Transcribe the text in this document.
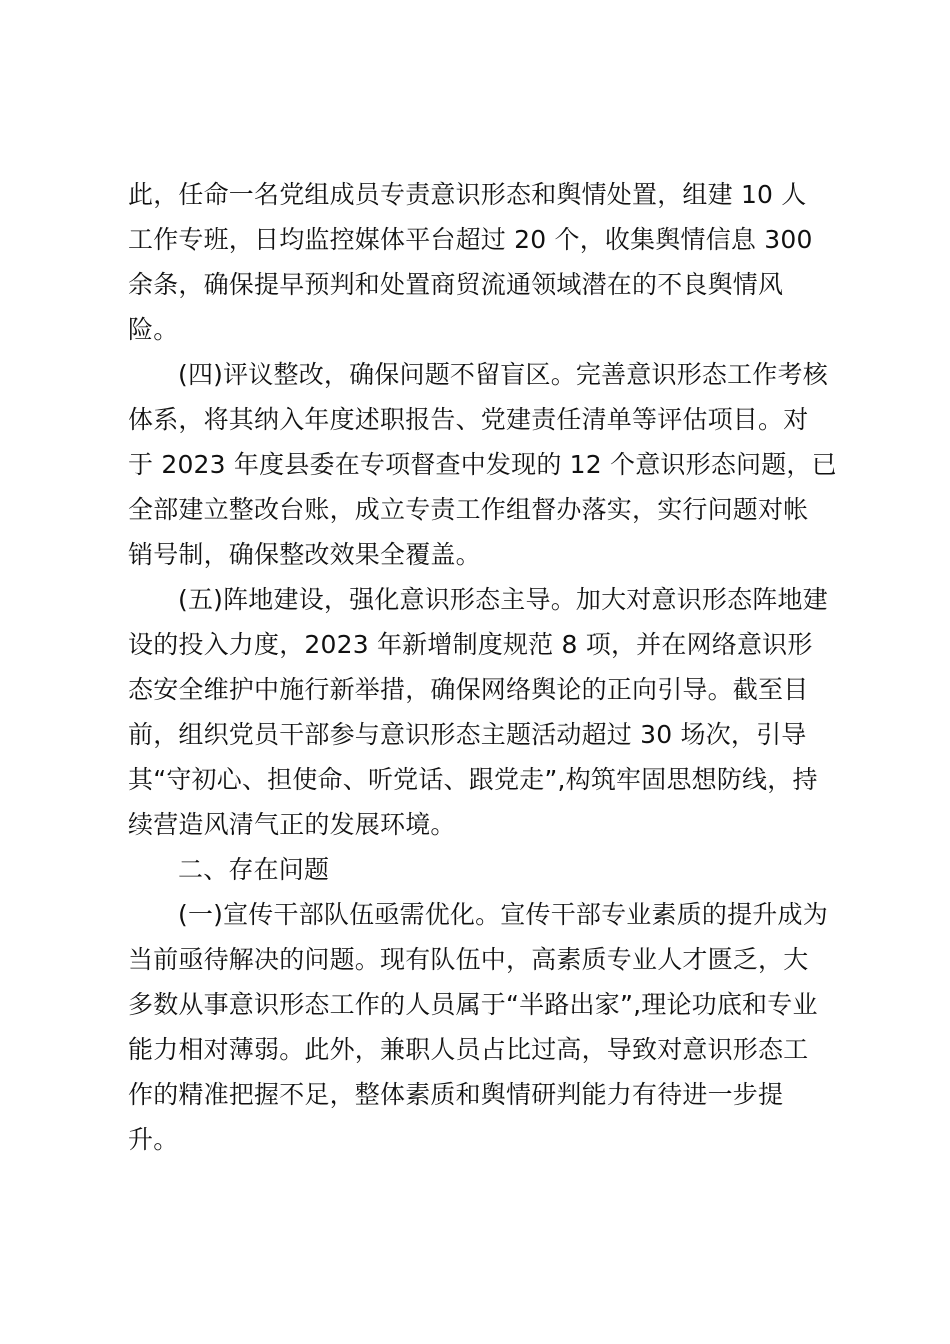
此，任命一名党组成员专责意识形态和舆情处置，组建 10 人
工作专班，日均监控媒体平台超过 20 个，收集舆情信息 300
余条，确保提早预判和处置商贸流通领域潜在的不良舆情风
险。
(四)评议整改，确保问题不留盲区。完善意识形态工作考核
体系，将其纳入年度述职报告、党建责任清单等评估项目。对
于 2023 年度县委在专项督查中发现的 12 个意识形态问题，已
全部建立整改台账，成立专责工作组督办落实，实行问题对帐
销号制，确保整改效果全覆盖。
(五)阵地建设，强化意识形态主导。加大对意识形态阵地建
设的投入力度，2023 年新增制度规范 8 项，并在网络意识形
态安全维护中施行新举措，确保网络舆论的正向引导。截至目
前，组织党员干部参与意识形态主题活动超过 30 场次，引导
其“守初心、担使命、听党话、跟党走”,构筑牢固思想防线，持
续营造风清气正的发展环境。
二、存在问题
(一)宣传干部队伍亟需优化。宣传干部专业素质的提升成为
当前亟待解决的问题。现有队伍中，高素质专业人才匮乏，大
多数从事意识形态工作的人员属于“半路出家”,理论功底和专业
能力相对薄弱。此外，兼职人员占比过高，导致对意识形态工
作的精准把握不足，整体素质和舆情研判能力有待进一步提
升。
